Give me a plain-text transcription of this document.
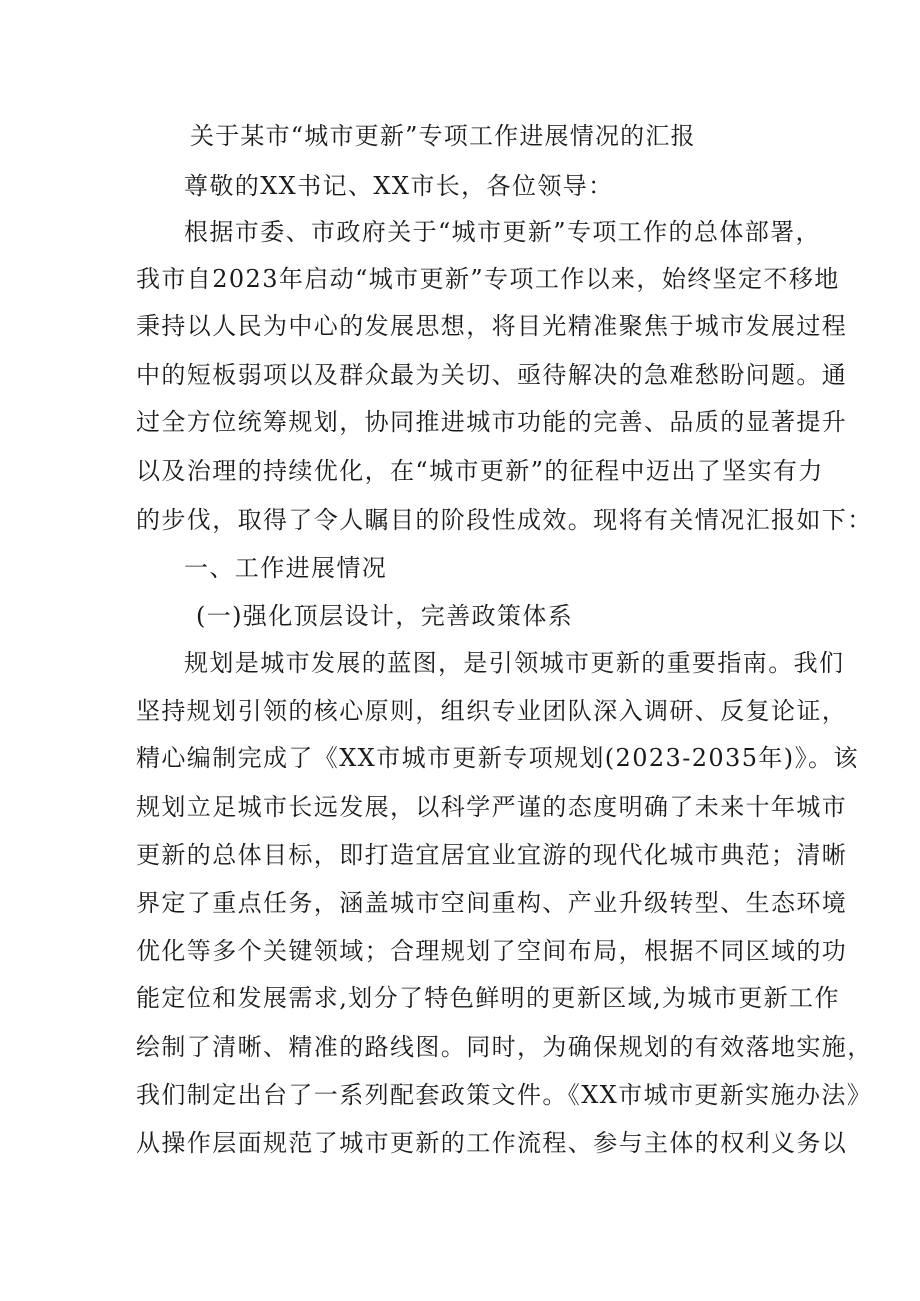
关于某市“城市更新”专项工作进展情况的汇报
尊敬的XX书记、XX市长，各位领导：
根据市委、市政府关于“城市更新”专项工作的总体部署，
我市自2023年启动“城市更新”专项工作以来，始终坚定不移地
秉持以人民为中心的发展思想，将目光精准聚焦于城市发展过程
中的短板弱项以及群众最为关切、亟待解决的急难愁盼问题。通
过全方位统筹规划，协同推进城市功能的完善、品质的显著提升
以及治理的持续优化，在“城市更新”的征程中迈出了坚实有力
的步伐，取得了令人瞩目的阶段性成效。现将有关情况汇报如下：
一、工作进展情况
(一)强化顶层设计，完善政策体系
规划是城市发展的蓝图，是引领城市更新的重要指南。我们
坚持规划引领的核心原则，组织专业团队深入调研、反复论证，
精心编制完成了《XX市城市更新专项规划(2023-2035年)》。该
规划立足城市长远发展，以科学严谨的态度明确了未来十年城市
更新的总体目标，即打造宜居宜业宜游的现代化城市典范；清晰
界定了重点任务，涵盖城市空间重构、产业升级转型、生态环境
优化等多个关键领域；合理规划了空间布局，根据不同区域的功
能定位和发展需求,划分了特色鲜明的更新区域,为城市更新工作
绘制了清晰、精准的路线图。同时，为确保规划的有效落地实施，
我们制定出台了一系列配套政策文件。《XX市城市更新实施办法》
从操作层面规范了城市更新的工作流程、参与主体的权利义务以
